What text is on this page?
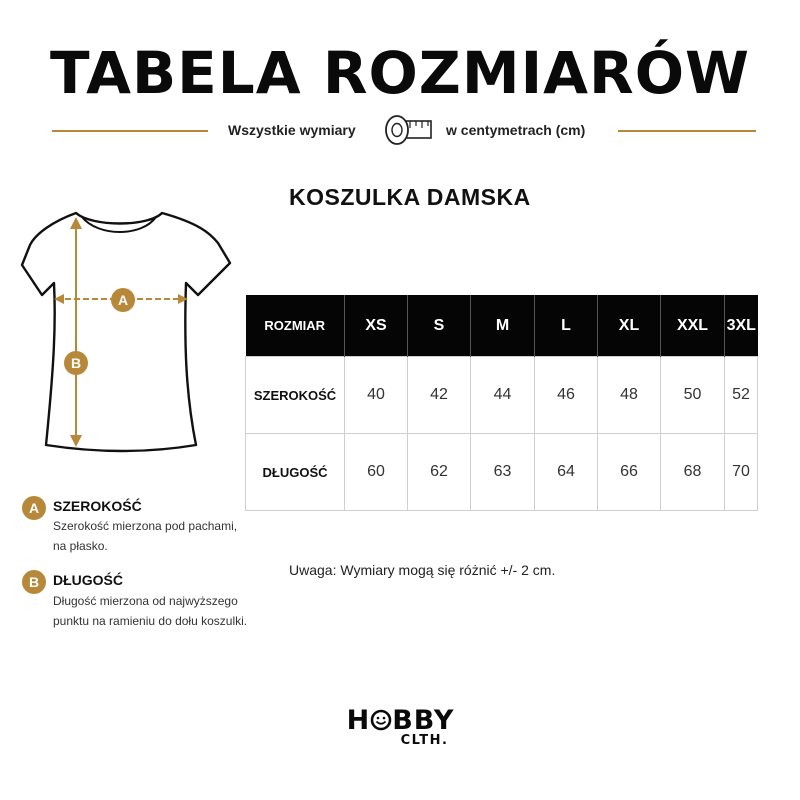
TABELA ROZMIARÓW
Wszystkie wymiary	w centymetrach (cm)
KOSZULKA DAMSKA
A
B
ROZMIAR	XS	S	M	L	XL	XXL	3XL
SZEROKOŚĆ	40	42	44	46	48	50	52
DŁUGOŚĆ	60	62	63	64	66	68	70
Uwaga: Wymiary mogą się różnić +/- 2 cm.
A SZEROKOŚĆ
Szerokość mierzona pod pachami,
na płasko.
B DŁUGOŚĆ
Długość mierzona od najwyższego
punktu na ramieniu do dołu koszulki.
H BBY
CLTH.
